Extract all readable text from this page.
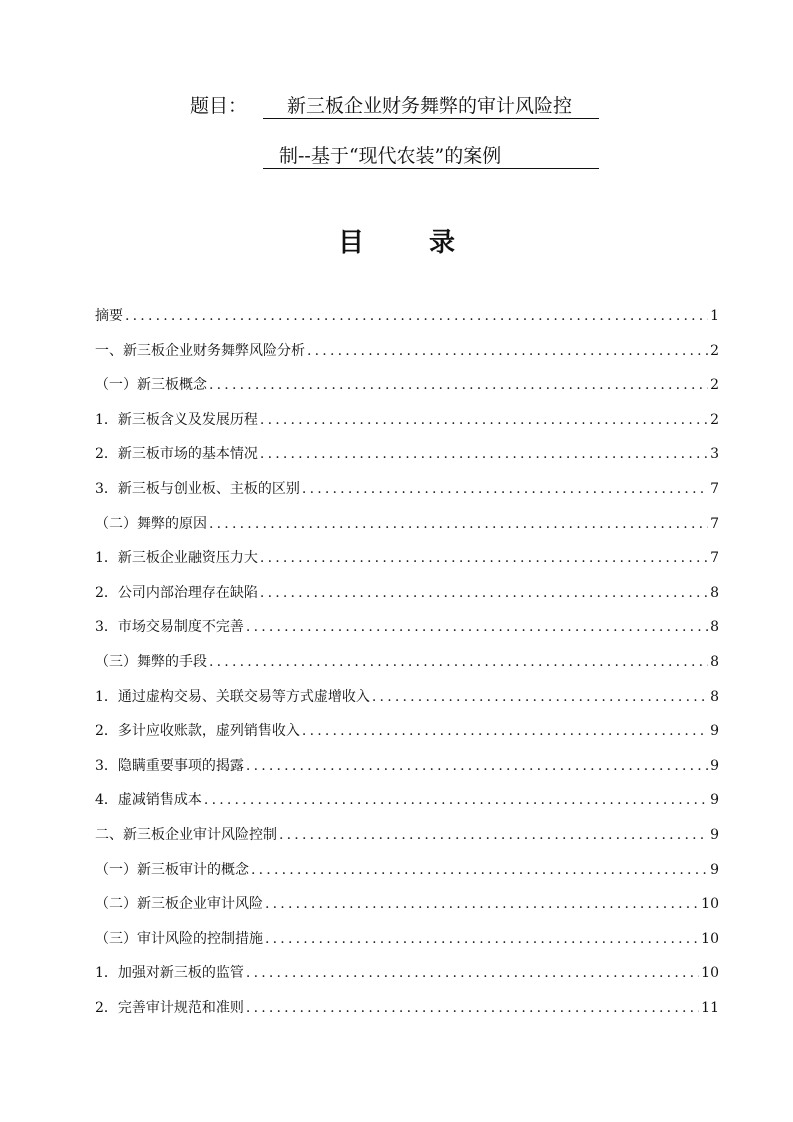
题目：	新三板企业财务舞弊的审计风险控
制--基于“现代农装”的案例
目 录
摘要 .....	1
一、新三板企业财务舞弊风险分析 .....	2
（一）新三板概念 .....	2
1．新三板含义及发展历程 .....	2
2．新三板市场的基本情况 .....	3
3．新三板与创业板、主板的区别 .....	7
（二）舞弊的原因 .....	7
1．新三板企业融资压力大 .....	7
2．公司内部治理存在缺陷 .....	8
3．市场交易制度不完善 .....	8
（三）舞弊的手段 .....	8
1．通过虚构交易、关联交易等方式虚增收入 .....	8
2．多计应收账款，虚列销售收入 .....	9
3．隐瞒重要事项的揭露 .....	9
4．虚减销售成本 .....	9
二、新三板企业审计风险控制 .....	9
（一）新三板审计的概念 .....	9
（二）新三板企业审计风险 .....	10
（三）审计风险的控制措施 .....	10
1．加强对新三板的监管 .....	10
2．完善审计规范和准则 .....	11
